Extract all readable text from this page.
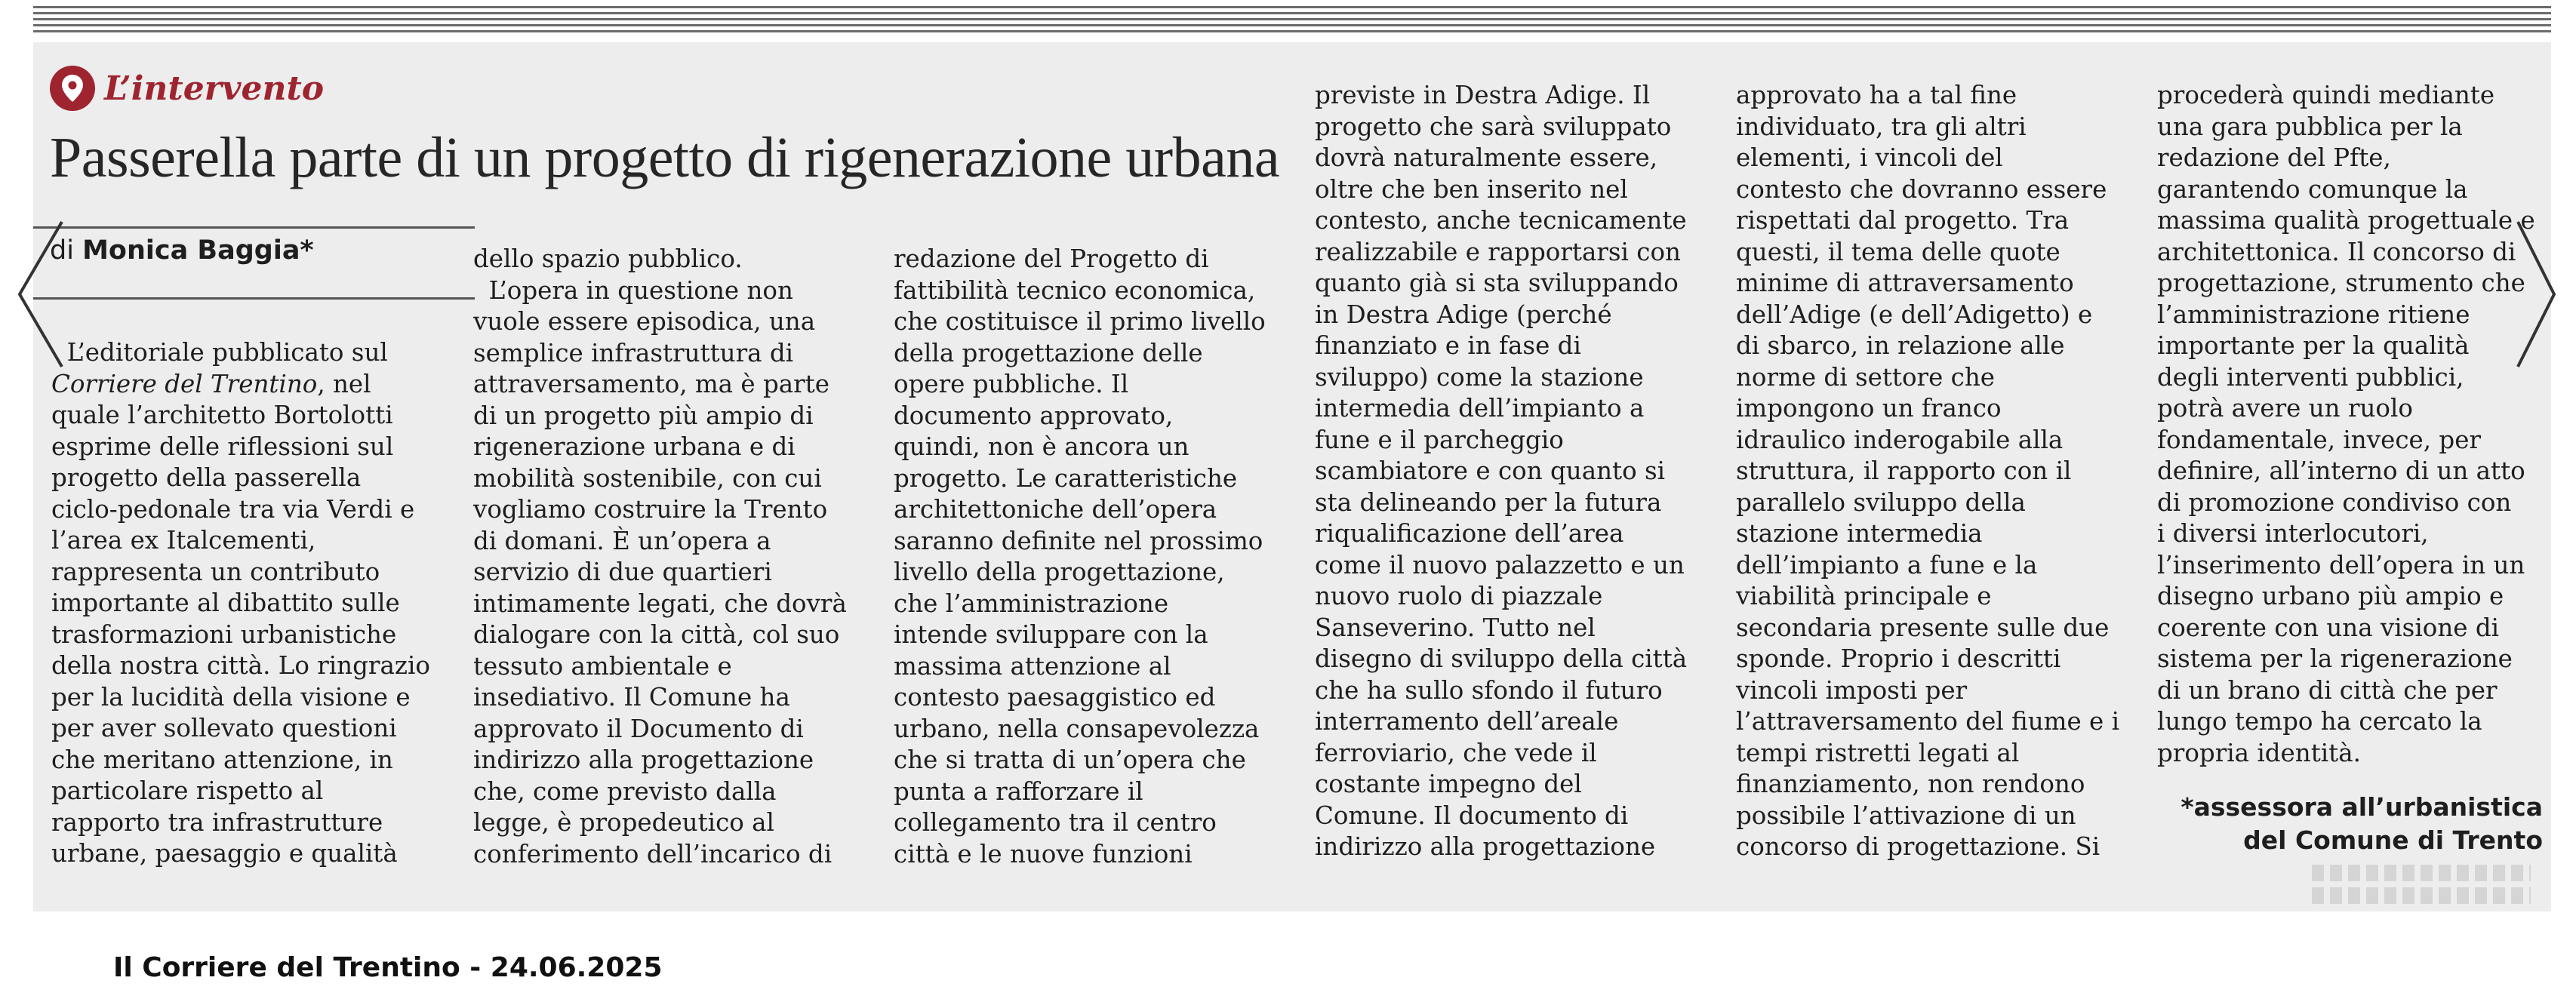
L’intervento
Passerella parte di un progetto di rigenerazione urbana
di Monica Baggia*
L’editoriale pubblicato sul
Corriere del Trentino, nel
quale l’architetto Bortolotti
esprime delle riflessioni sul
progetto della passerella
ciclo-pedonale tra via Verdi e
l’area ex Italcementi,
rappresenta un contributo
importante al dibattito sulle
trasformazioni urbanistiche
della nostra città. Lo ringrazio
per la lucidità della visione e
per aver sollevato questioni
che meritano attenzione, in
particolare rispetto al
rapporto tra infrastrutture
urbane, paesaggio e qualità
dello spazio pubblico.
L’opera in questione non
vuole essere episodica, una
semplice infrastruttura di
attraversamento, ma è parte
di un progetto più ampio di
rigenerazione urbana e di
mobilità sostenibile, con cui
vogliamo costruire la Trento
di domani. È un’opera a
servizio di due quartieri
intimamente legati, che dovrà
dialogare con la città, col suo
tessuto ambientale e
insediativo. Il Comune ha
approvato il Documento di
indirizzo alla progettazione
che, come previsto dalla
legge, è propedeutico al
conferimento dell’incarico di
redazione del Progetto di
fattibilità tecnico economica,
che costituisce il primo livello
della progettazione delle
opere pubbliche. Il
documento approvato,
quindi, non è ancora un
progetto. Le caratteristiche
architettoniche dell’opera
saranno definite nel prossimo
livello della progettazione,
che l’amministrazione
intende sviluppare con la
massima attenzione al
contesto paesaggistico ed
urbano, nella consapevolezza
che si tratta di un’opera che
punta a rafforzare il
collegamento tra il centro
città e le nuove funzioni
previste in Destra Adige. Il
progetto che sarà sviluppato
dovrà naturalmente essere,
oltre che ben inserito nel
contesto, anche tecnicamente
realizzabile e rapportarsi con
quanto già si sta sviluppando
in Destra Adige (perché
finanziato e in fase di
sviluppo) come la stazione
intermedia dell’impianto a
fune e il parcheggio
scambiatore e con quanto si
sta delineando per la futura
riqualificazione dell’area
come il nuovo palazzetto e un
nuovo ruolo di piazzale
Sanseverino. Tutto nel
disegno di sviluppo della città
che ha sullo sfondo il futuro
interramento dell’areale
ferroviario, che vede il
costante impegno del
Comune. Il documento di
indirizzo alla progettazione
approvato ha a tal fine
individuato, tra gli altri
elementi, i vincoli del
contesto che dovranno essere
rispettati dal progetto. Tra
questi, il tema delle quote
minime di attraversamento
dell’Adige (e dell’Adigetto) e
di sbarco, in relazione alle
norme di settore che
impongono un franco
idraulico inderogabile alla
struttura, il rapporto con il
parallelo sviluppo della
stazione intermedia
dell’impianto a fune e la
viabilità principale e
secondaria presente sulle due
sponde. Proprio i descritti
vincoli imposti per
l’attraversamento del fiume e i
tempi ristretti legati al
finanziamento, non rendono
possibile l’attivazione di un
concorso di progettazione. Si
procederà quindi mediante
una gara pubblica per la
redazione del Pfte,
garantendo comunque la
massima qualità progettuale e
architettonica. Il concorso di
progettazione, strumento che
l’amministrazione ritiene
importante per la qualità
degli interventi pubblici,
potrà avere un ruolo
fondamentale, invece, per
definire, all’interno di un atto
di promozione condiviso con
i diversi interlocutori,
l’inserimento dell’opera in un
disegno urbano più ampio e
coerente con una visione di
sistema per la rigenerazione
di un brano di città che per
lungo tempo ha cercato la
propria identità.
*assessora all’urbanistica
del Comune di Trento
Il Corriere del Trentino - 24.06.2025
